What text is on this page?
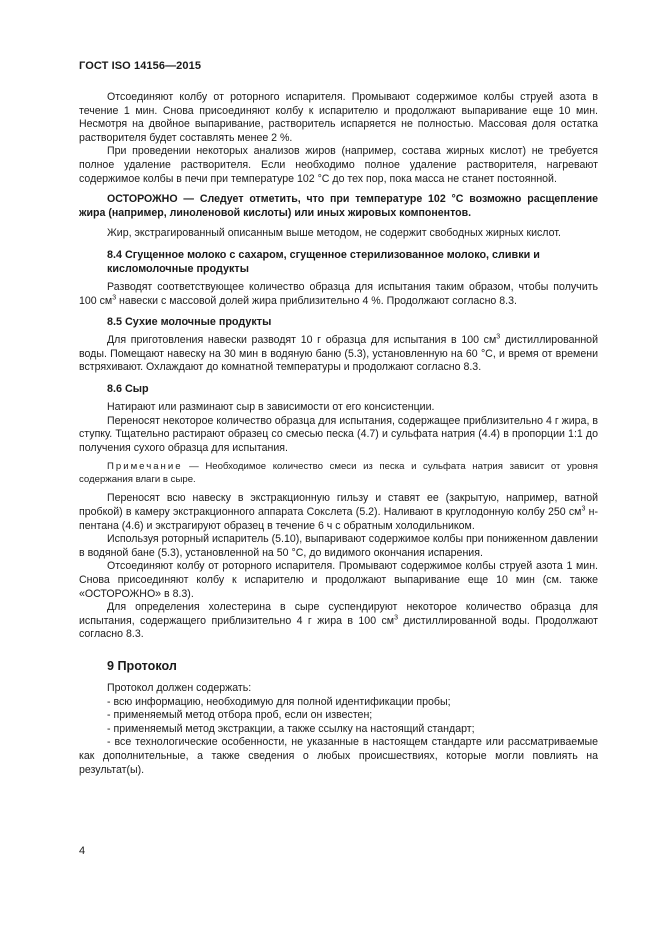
ГОСТ ISO 14156—2015

Отсоединяют колбу от роторного испарителя. Промывают содержимое колбы струей азота в течение 1 мин. Снова присоединяют колбу к испарителю и продолжают выпаривание еще 10 мин. Несмотря на двойное выпаривание, растворитель испаряется не полностью. Массовая доля остатка растворителя будет составлять менее 2 %.

При проведении некоторых анализов жиров (например, состава жирных кислот) не требуется полное удаление растворителя. Если необходимо полное удаление растворителя, нагревают содержимое колбы в печи при температуре 102 °С до тех пор, пока масса не станет постоянной.

ОСТОРОЖНО — Следует отметить, что при температуре 102 °С возможно расщепление жира (например, линоленовой кислоты) или иных жировых компонентов.

Жир, экстрагированный описанным выше методом, не содержит свободных жирных кислот.

8.4 Сгущенное молоко с сахаром, сгущенное стерилизованное молоко, сливки и кисломолочные продукты

Разводят соответствующее количество образца для испытания таким образом, чтобы получить 100 $см^3$ навески с массовой долей жира приблизительно 4 %. Продолжают согласно 8.3.

8.5 Сухие молочные продукты

Для приготовления навески разводят 10 г образца для испытания в 100 $см^3$ дистиллированной воды. Помещают навеску на 30 мин в водяную баню (5.3), установленную на 60 °С, и время от времени встряхивают. Охлаждают до комнатной температуры и продолжают согласно 8.3.

8.6 Сыр

Натирают или разминают сыр в зависимости от его консистенции.

Переносят некоторое количество образца для испытания, содержащее приблизительно 4 г жира, в ступку. Тщательно растирают образец со смесью песка (4.7) и сульфата натрия (4.4) в пропорции 1:1 до получения сухого образца для испытания.

Примечание — Необходимое количество смеси из песка и сульфата натрия зависит от уровня содержания влаги в сыре.

Переносят всю навеску в экстракционную гильзу и ставят ее (закрытую, например, ватной пробкой) в камеру экстракционного аппарата Сокслета (5.2). Наливают в круглодонную колбу 250 $см^3$ н-пентана (4.6) и экстрагируют образец в течение 6 ч с обратным холодильником.

Используя роторный испаритель (5.10), выпаривают содержимое колбы при пониженном давлении в водяной бане (5.3), установленной на 50 °С, до видимого окончания испарения.

Отсоединяют колбу от роторного испарителя. Промывают содержимое колбы струей азота 1 мин. Снова присоединяют колбу к испарителю и продолжают выпаривание еще 10 мин (см. также «ОСТОРОЖНО» в 8.3).

Для определения холестерина в сыре суспендируют некоторое количество образца для испытания, содержащего приблизительно 4 г жира в 100 $см^3$ дистиллированной воды. Продолжают согласно 8.3.

9 Протокол

Протокол должен содержать:

- всю информацию, необходимую для полной идентификации пробы;

- применяемый метод отбора проб, если он известен;

- применяемый метод экстракции, а также ссылку на настоящий стандарт;

- все технологические особенности, не указанные в настоящем стандарте или рассматриваемые как дополнительные, а также сведения о любых происшествиях, которые могли повлиять на результат(ы).

4
